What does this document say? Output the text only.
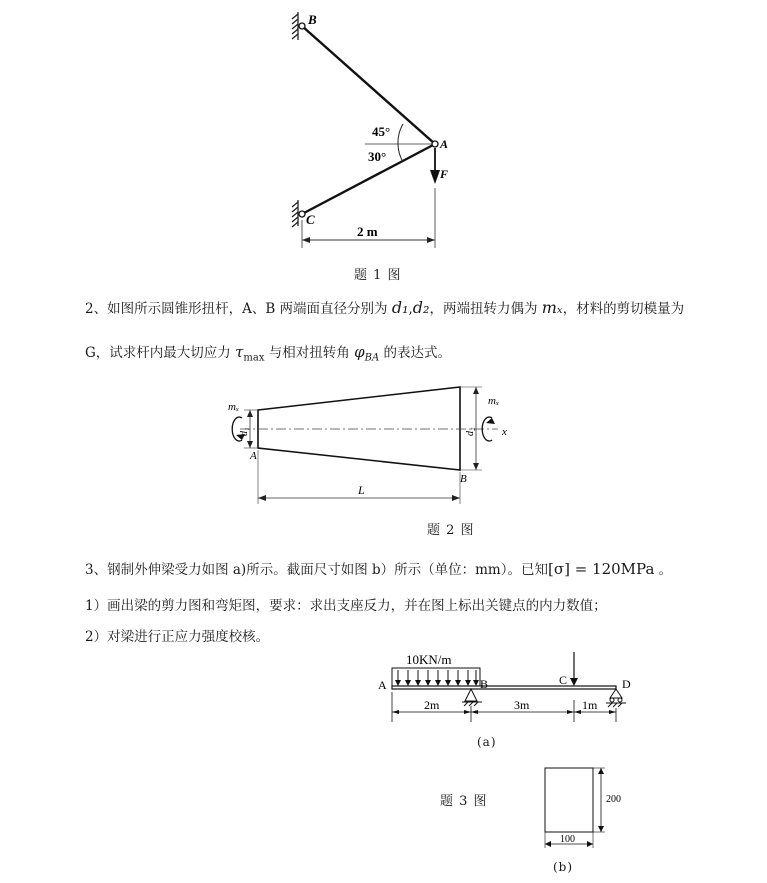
B
A
C
F
45°
30°
2 m
题 1 图
2、如图所示圆锥形扭杆，A、B 两端面直径分别为 d₁,d₂，两端扭转力偶为 mₓ，材料的剪切模量为
G，试求杆内最大切应力 $\tau_{max}$ 与相对扭转角 $\varphi_{BA}$ 的表达式。
mₓ	mₓ
d₁	d₂
A
B
x
L
题 2 图
3、钢制外伸梁受力如图 a)所示。截面尺寸如图 b）所示（单位：mm）。已知[σ] = 120MPa 。
1）画出梁的剪力图和弯矩图，要求：求出支座反力，并在图上标出关键点的内力数值；
2）对梁进行正应力强度校核。
10KN/m
A	B	C	D
2m	3m	1m
(a)
题 3 图	200
100
(b)
